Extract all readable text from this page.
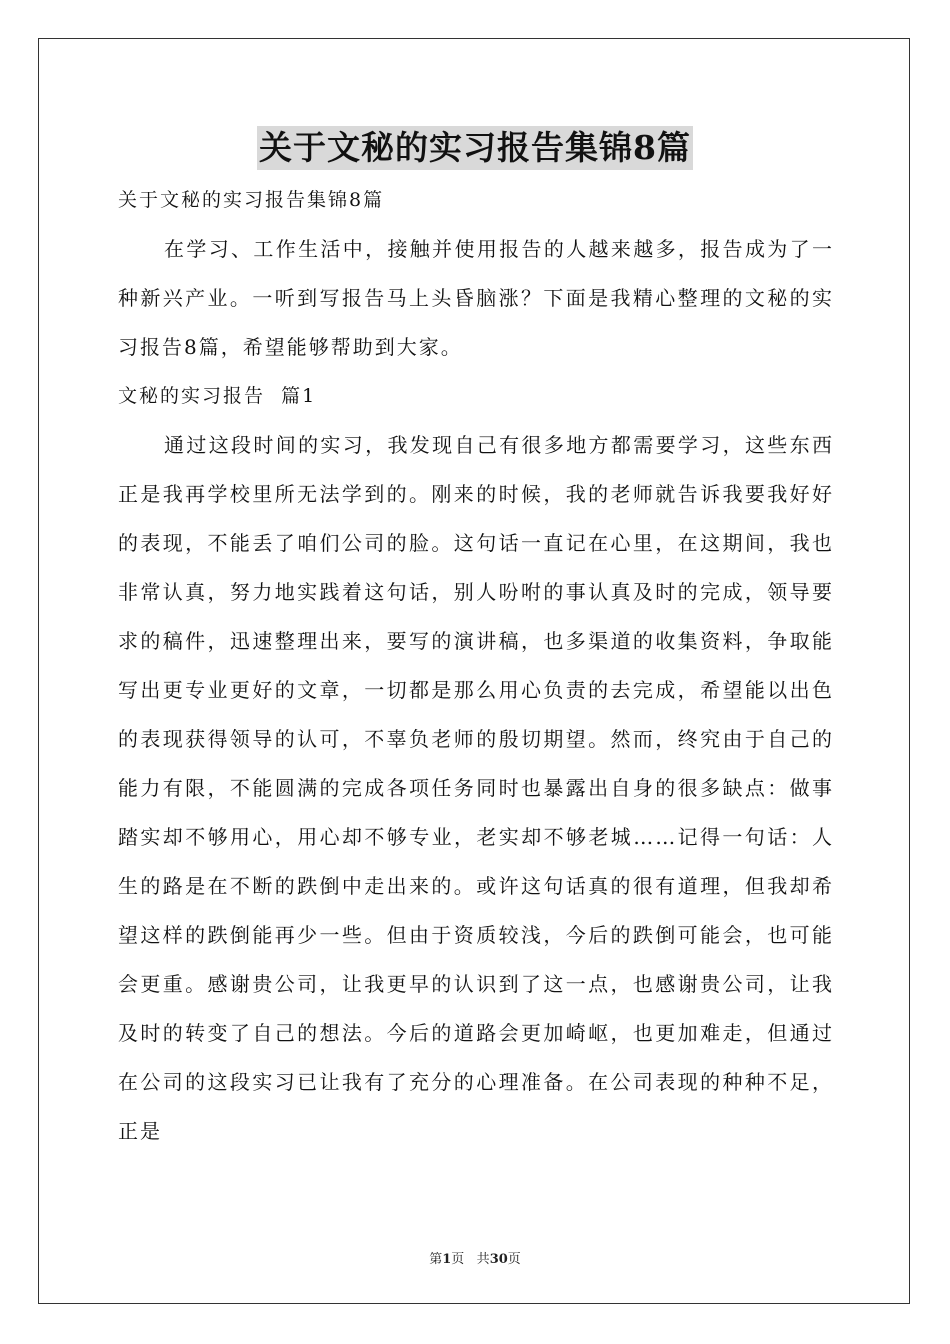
关于文秘的实习报告集锦8篇

关于文秘的实习报告集锦8篇

在学习、工作生活中，接触并使用报告的人越来越多，报告成为了一种新兴产业。一听到写报告马上头昏脑涨？下面是我精心整理的文秘的实习报告8篇，希望能够帮助到大家。

文秘的实习报告  篇1

通过这段时间的实习，我发现自己有很多地方都需要学习，这些东西正是我再学校里所无法学到的。刚来的时候，我的老师就告诉我要我好好的表现，不能丢了咱们公司的脸。这句话一直记在心里，在这期间，我也非常认真，努力地实践着这句话，别人吩咐的事认真及时的完成，领导要求的稿件，迅速整理出来，要写的演讲稿，也多渠道的收集资料，争取能写出更专业更好的文章，一切都是那么用心负责的去完成，希望能以出色的表现获得领导的认可，不辜负老师的殷切期望。然而，终究由于自己的能力有限，不能圆满的完成各项任务同时也暴露出自身的很多缺点：做事踏实却不够用心，用心却不够专业，老实却不够老城……记得一句话：人生的路是在不断的跌倒中走出来的。或许这句话真的很有道理，但我却希望这样的跌倒能再少一些。但由于资质较浅，今后的跌倒可能会，也可能会更重。感谢贵公司，让我更早的认识到了这一点，也感谢贵公司，让我及时的转变了自己的想法。今后的道路会更加崎岖，也更加难走，但通过在公司的这段实习已让我有了充分的心理准备。在公司表现的种种不足，正是

第1页 共30页
